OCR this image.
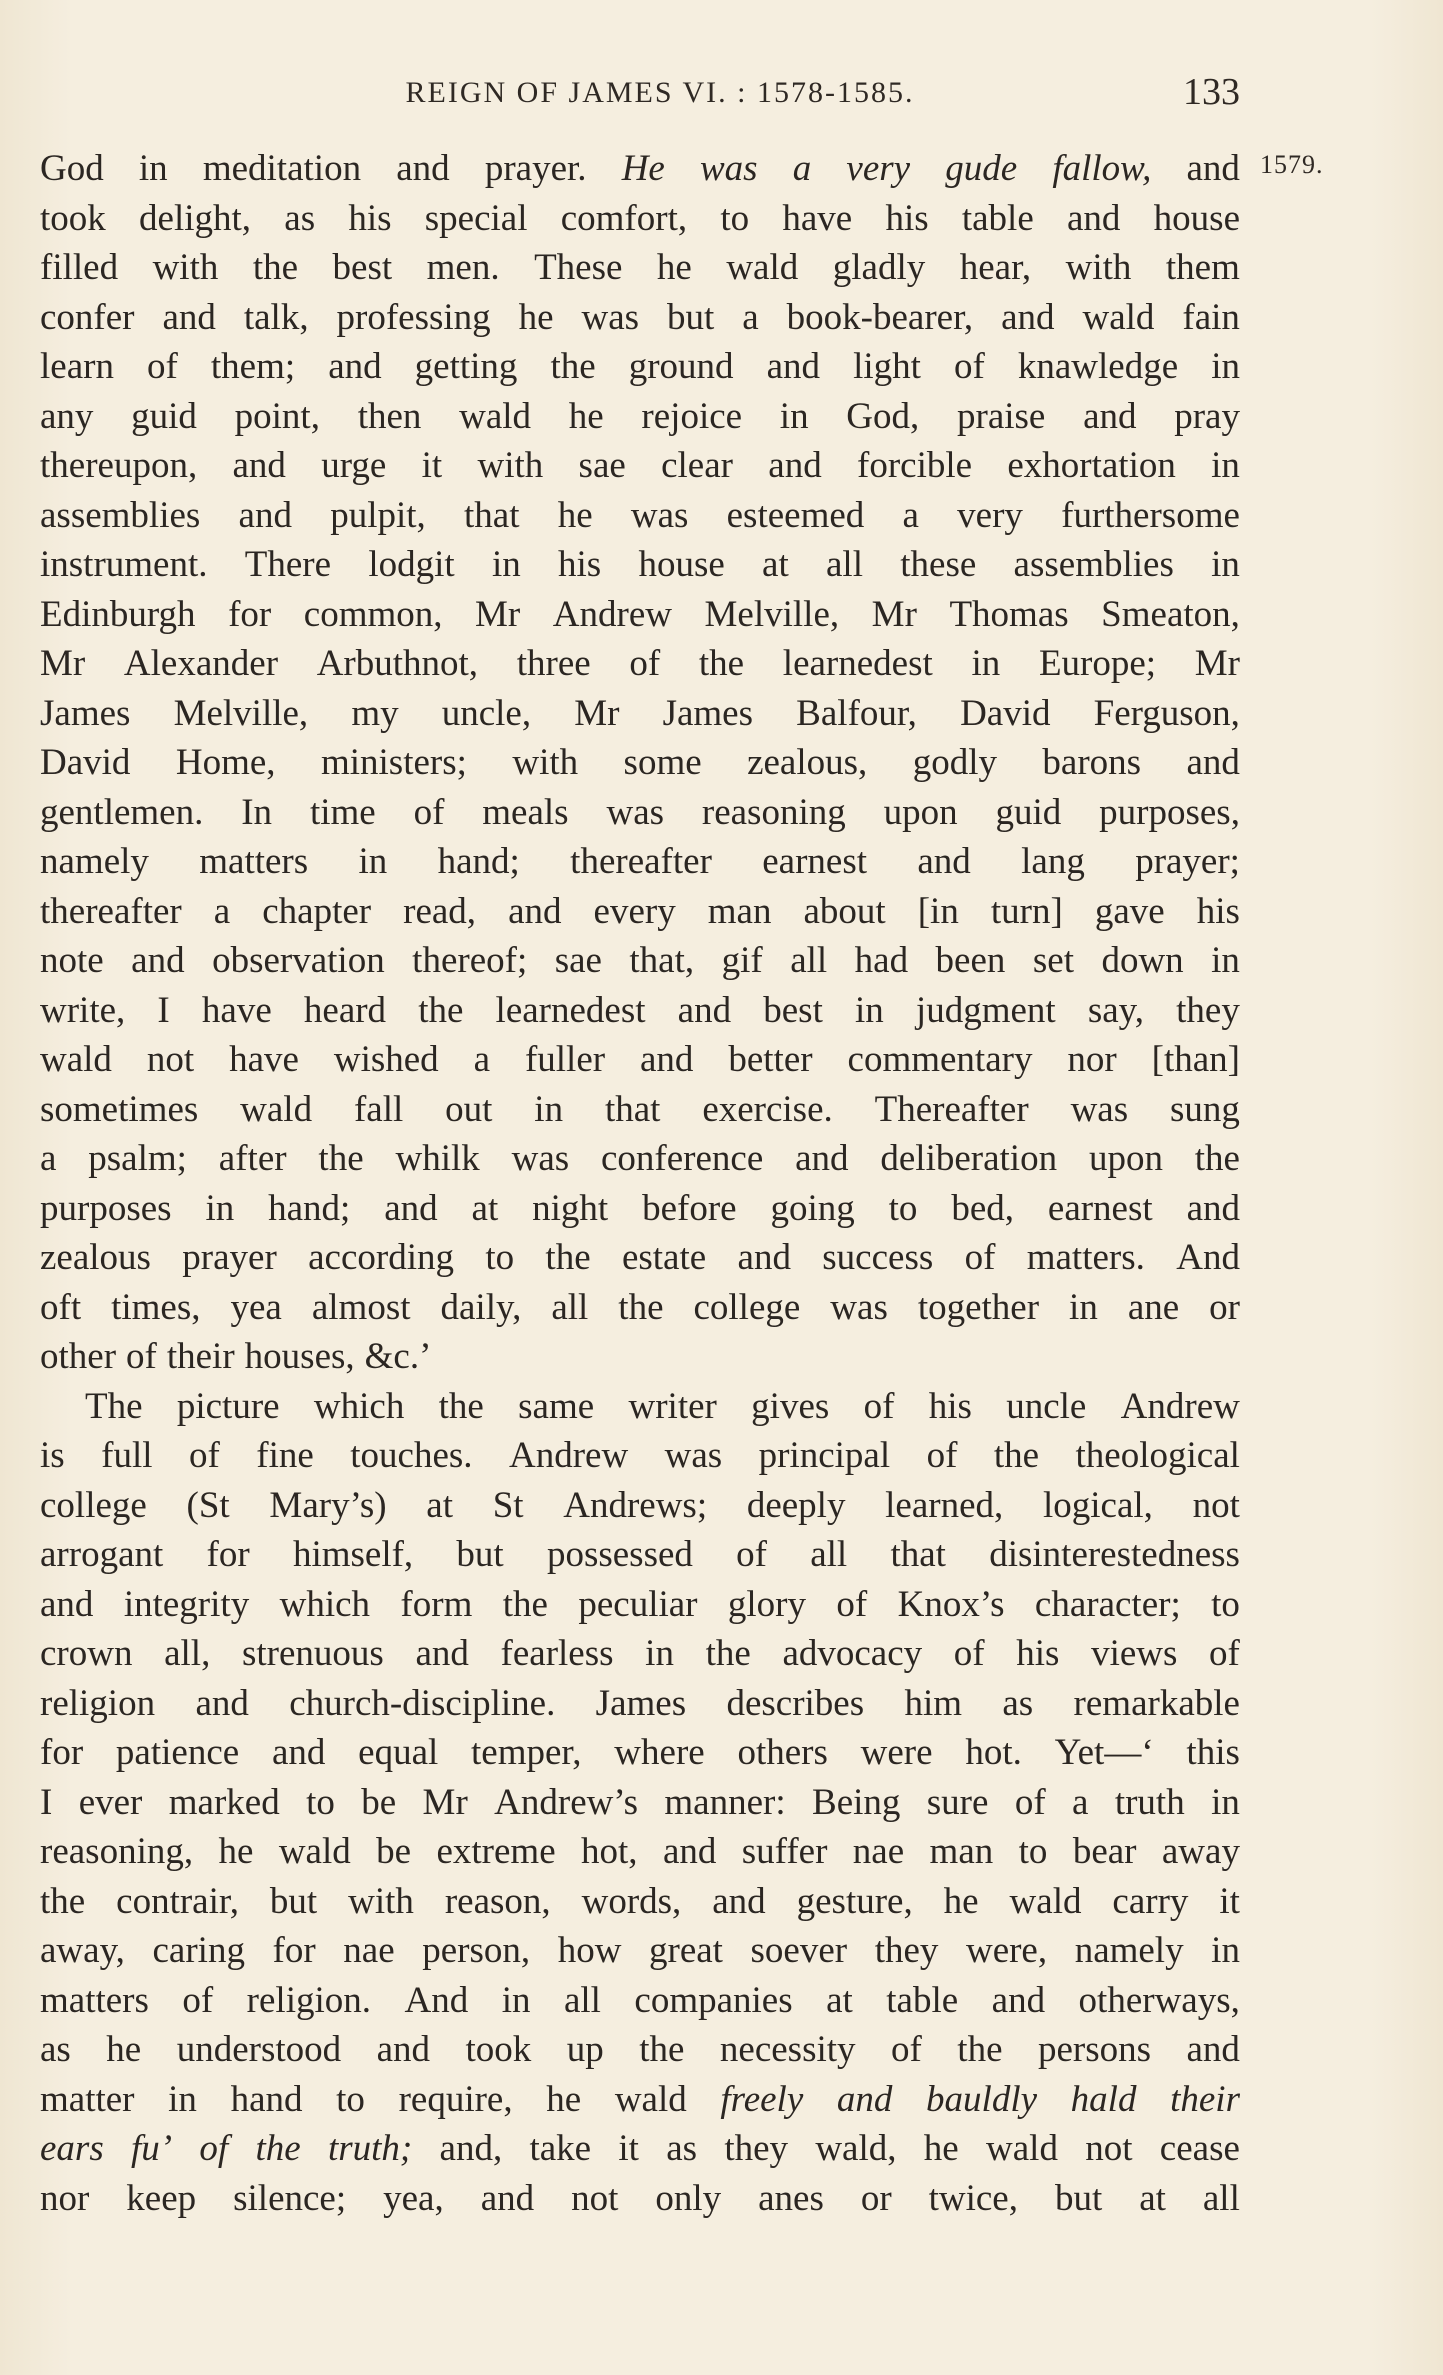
REIGN OF JAMES VI. : 1578-1585.	133
1579.
God in meditation and prayer. He was a very gude fallow, and
took delight, as his special comfort, to have his table and house
filled with the best men. These he wald gladly hear, with them
confer and talk, professing he was but a book-bearer, and wald fain
learn of them; and getting the ground and light of knawledge in
any guid point, then wald he rejoice in God, praise and pray
thereupon, and urge it with sae clear and forcible exhortation in
assemblies and pulpit, that he was esteemed a very furthersome
instrument. There lodgit in his house at all these assemblies in
Edinburgh for common, Mr Andrew Melville, Mr Thomas Smeaton,
Mr Alexander Arbuthnot, three of the learnedest in Europe; Mr
James Melville, my uncle, Mr James Balfour, David Ferguson,
David Home, ministers; with some zealous, godly barons and
gentlemen. In time of meals was reasoning upon guid purposes,
namely matters in hand; thereafter earnest and lang prayer;
thereafter a chapter read, and every man about [in turn] gave his
note and observation thereof; sae that, gif all had been set down in
write, I have heard the learnedest and best in judgment say, they
wald not have wished a fuller and better commentary nor [than]
sometimes wald fall out in that exercise. Thereafter was sung
a psalm; after the whilk was conference and deliberation upon the
purposes in hand; and at night before going to bed, earnest and
zealous prayer according to the estate and success of matters. And
oft times, yea almost daily, all the college was together in ane or
other of their houses, &c.’
The picture which the same writer gives of his uncle Andrew
is full of fine touches. Andrew was principal of the theological
college (St Mary’s) at St Andrews; deeply learned, logical, not
arrogant for himself, but possessed of all that disinterestedness
and integrity which form the peculiar glory of Knox’s character; to
crown all, strenuous and fearless in the advocacy of his views of
religion and church-discipline. James describes him as remarkable
for patience and equal temper, where others were hot. Yet—‘ this
I ever marked to be Mr Andrew’s manner: Being sure of a truth in
reasoning, he wald be extreme hot, and suffer nae man to bear away
the contrair, but with reason, words, and gesture, he wald carry it
away, caring for nae person, how great soever they were, namely in
matters of religion. And in all companies at table and otherways,
as he understood and took up the necessity of the persons and
matter in hand to require, he wald freely and bauldly hald their
ears fu’ of the truth; and, take it as they wald, he wald not cease
nor keep silence; yea, and not only anes or twice, but at all
